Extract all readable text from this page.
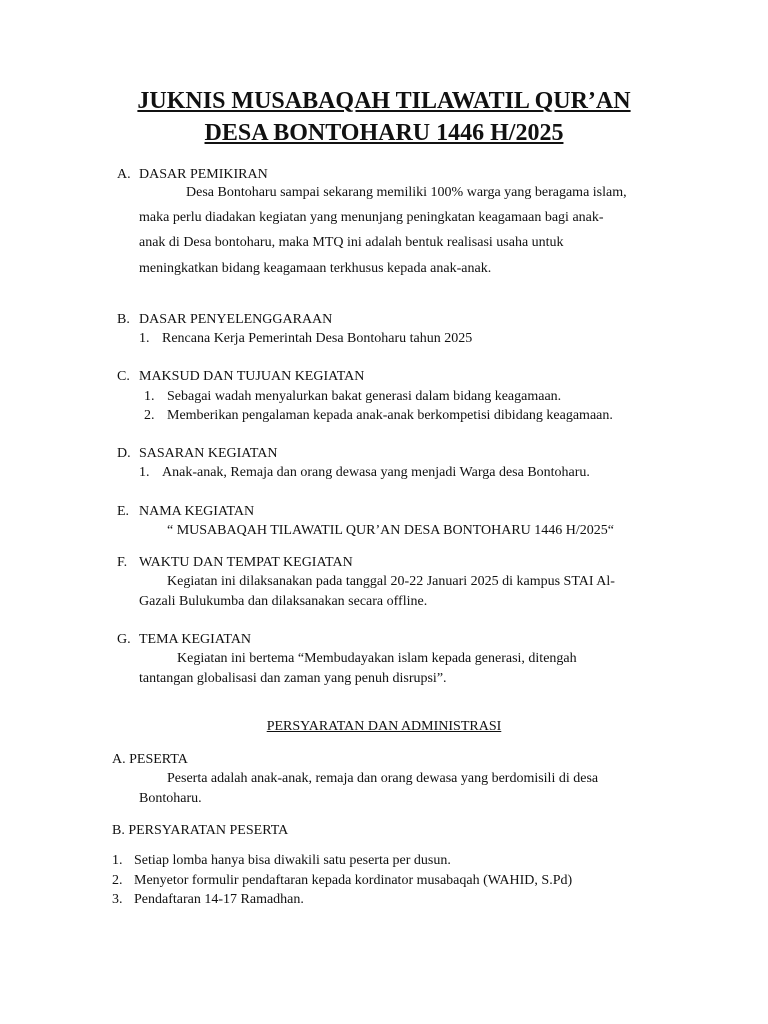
JUKNIS MUSABAQAH TILAWATIL QUR’AN
DESA BONTOHARU 1446 H/2025
A. DASAR PEMIKIRAN
Desa Bontoharu sampai sekarang memiliki 100% warga yang beragama islam,
maka perlu diadakan kegiatan yang menunjang peningkatan keagamaan bagi anak-
anak di Desa bontoharu, maka MTQ ini adalah bentuk realisasi usaha untuk
meningkatkan bidang keagamaan terkhusus kepada anak-anak.
B. DASAR PENYELENGGARAAN
1. Rencana Kerja Pemerintah Desa Bontoharu tahun 2025
C. MAKSUD DAN TUJUAN KEGIATAN
1. Sebagai wadah menyalurkan bakat generasi dalam bidang keagamaan.
2. Memberikan pengalaman kepada anak-anak berkompetisi dibidang keagamaan.
D. SASARAN KEGIATAN
1. Anak-anak, Remaja dan orang dewasa yang menjadi Warga desa Bontoharu.
E. NAMA KEGIATAN
“ MUSABAQAH TILAWATIL QUR’AN DESA BONTOHARU 1446 H/2025“
F. WAKTU DAN TEMPAT KEGIATAN
Kegiatan ini dilaksanakan pada tanggal 20-22 Januari 2025 di kampus STAI Al-
Gazali Bulukumba dan dilaksanakan secara offline.
G. TEMA KEGIATAN
Kegiatan ini bertema “Membudayakan islam kepada generasi, ditengah
tantangan globalisasi dan zaman yang penuh disrupsi”.
PERSYARATAN DAN ADMINISTRASI
A. PESERTA
Peserta adalah anak-anak, remaja dan orang dewasa yang berdomisili di desa
Bontoharu.
B. PERSYARATAN PESERTA
1. Setiap lomba hanya bisa diwakili satu peserta per dusun.
2. Menyetor formulir pendaftaran kepada kordinator musabaqah (WAHID, S.Pd)
3. Pendaftaran 14-17 Ramadhan.
